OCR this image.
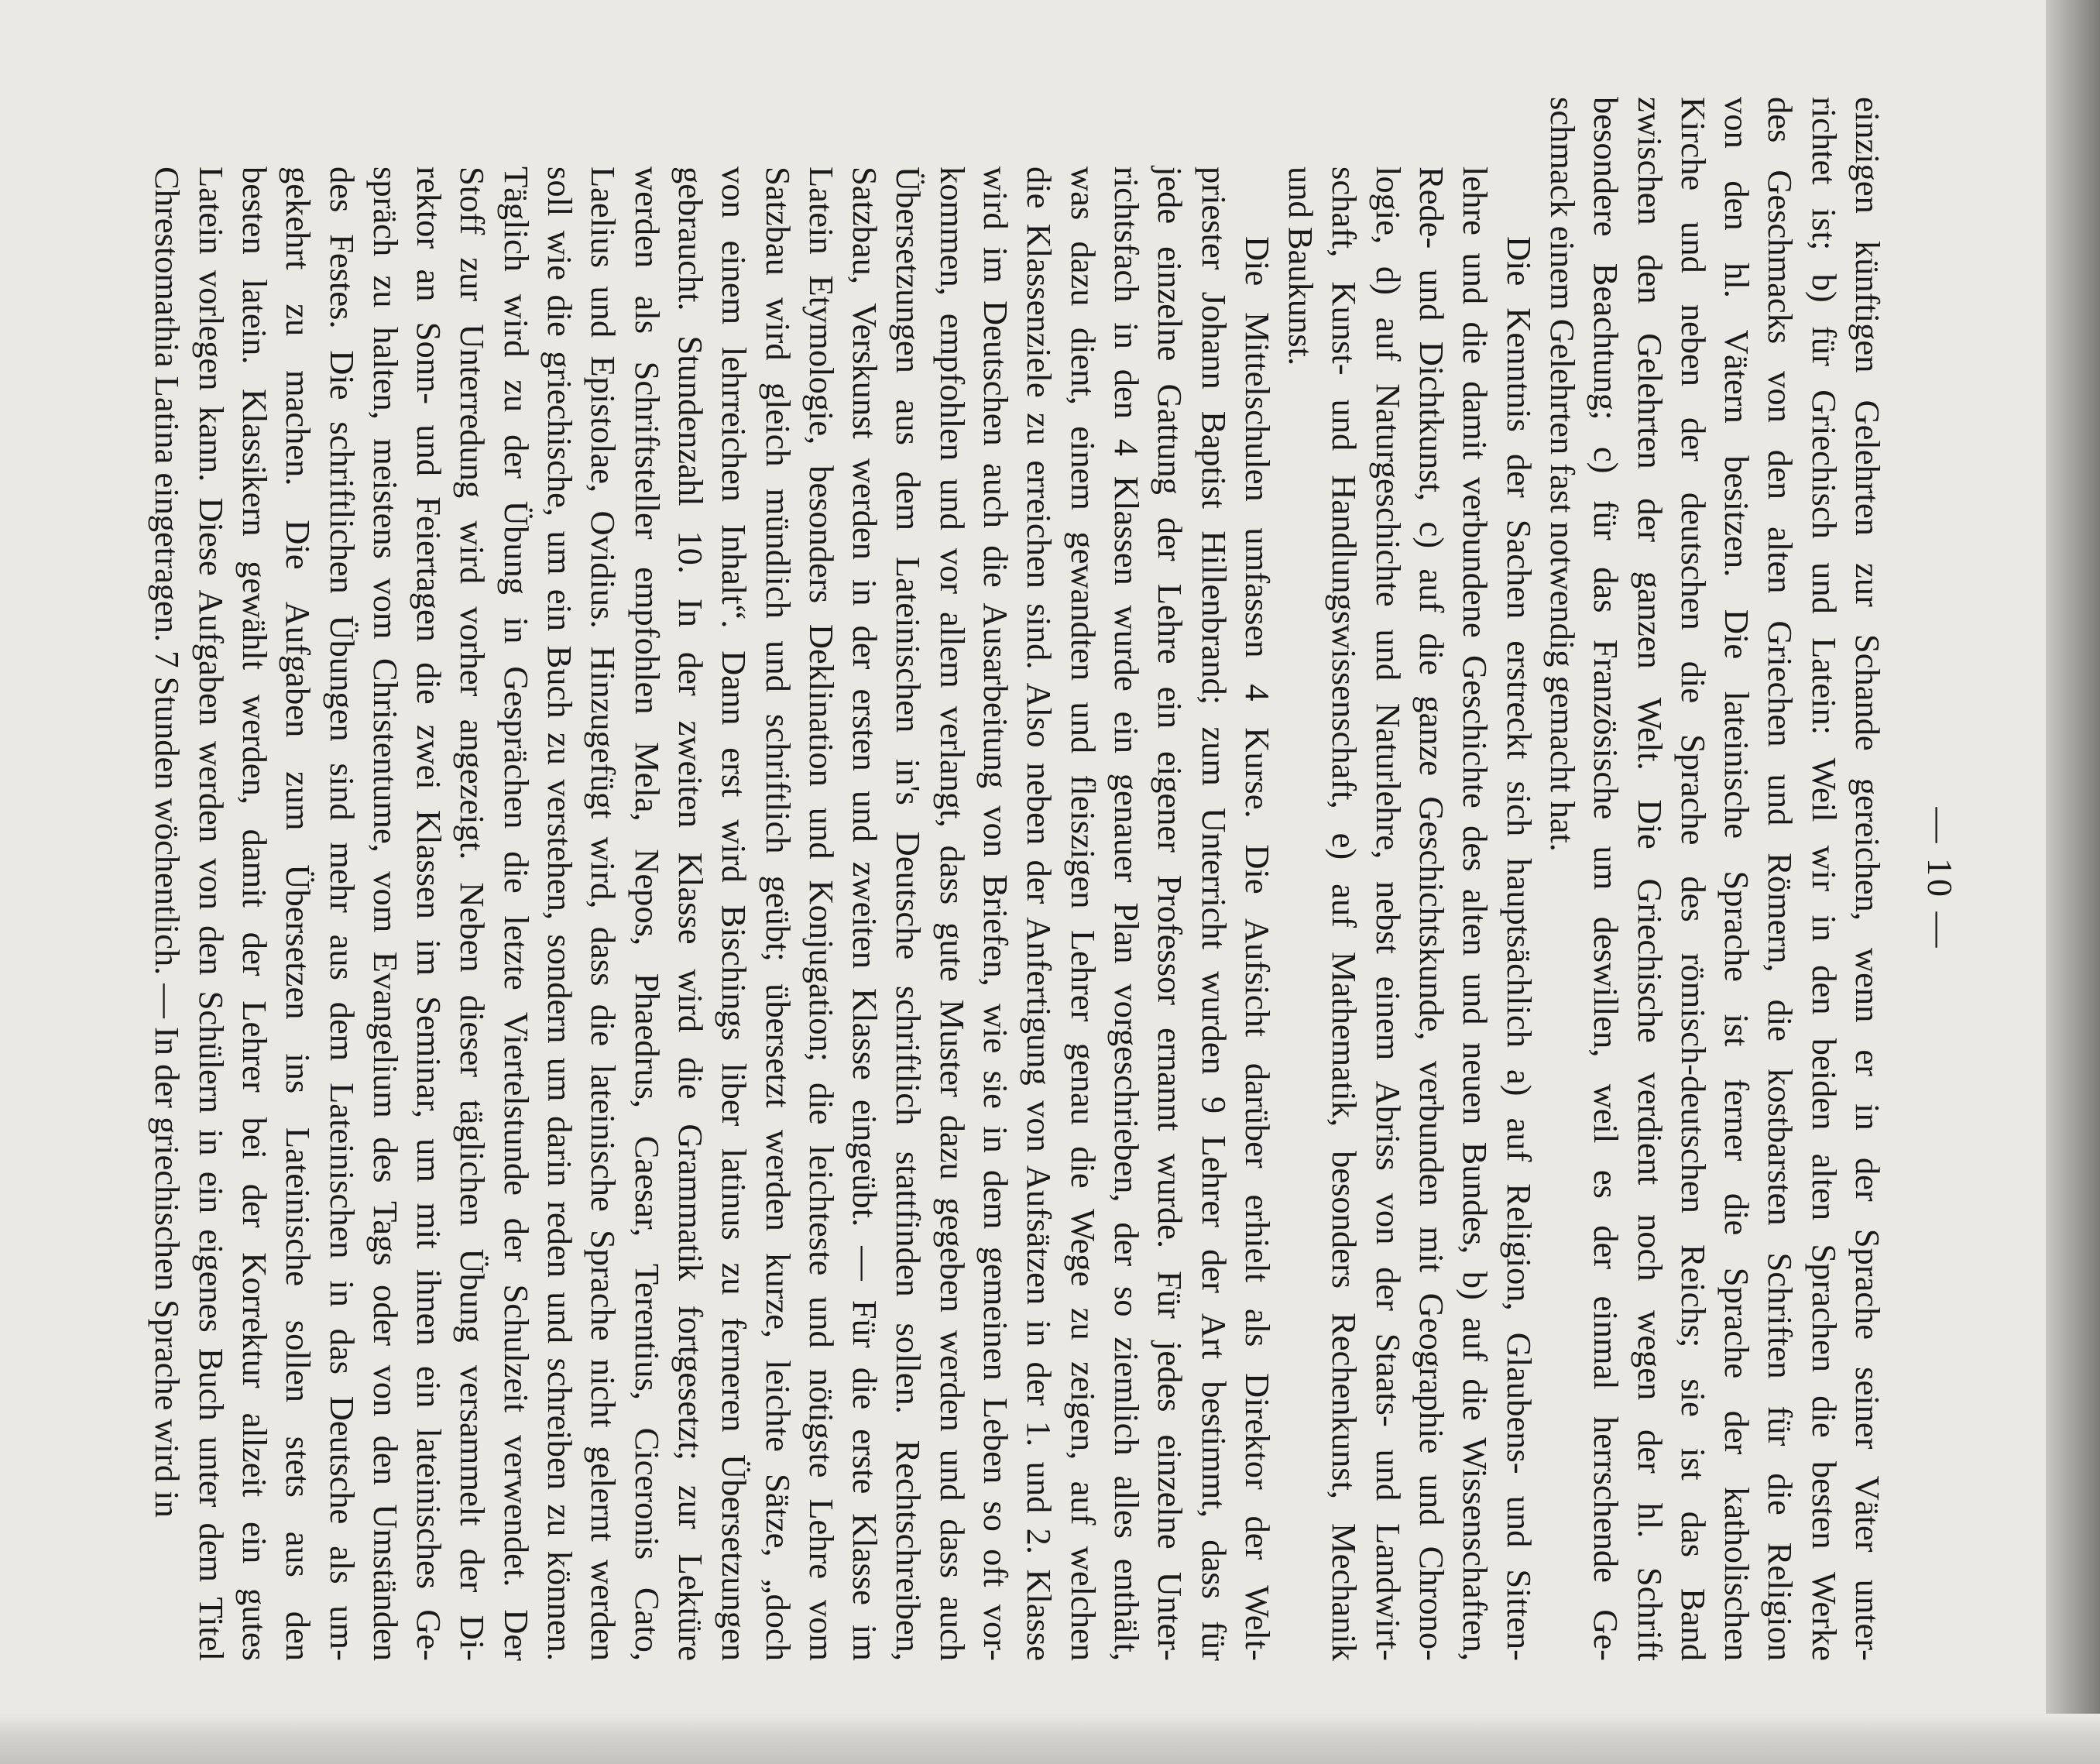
— 10 —
einzigen künftigen Gelehrten zur Schande gereichen, wenn er in der Sprache seiner Väter unter-
richtet ist; b) für Griechisch und Latein: Weil wir in den beiden alten Sprachen die besten Werke
des Geschmacks von den alten Griechen und Römern, die kostbarsten Schriften für die Religion
von den hl. Vätern besitzen. Die lateinische Sprache ist ferner die Sprache der katholischen
Kirche und neben der deutschen die Sprache des römisch-deutschen Reichs; sie ist das Band
zwischen den Gelehrten der ganzen Welt. Die Griechische verdient noch wegen der hl. Schrift
besondere Beachtung; c) für das Französische um deswillen, weil es der einmal herrschende Ge-
schmack einem Gelehrten fast notwendig gemacht hat.
Die Kenntnis der Sachen erstreckt sich hauptsächlich a) auf Religion, Glaubens- und Sitten-
lehre und die damit verbundene Geschichte des alten und neuen Bundes, b) auf die Wissenschaften,
Rede- und Dichtkunst, c) auf die ganze Geschichtskunde, verbunden mit Geographie und Chrono-
logie, d) auf Naturgeschichte und Naturlehre, nebst einem Abriss von der Staats- und Landwirt-
schaft, Kunst- und Handlungswissenschaft, e) auf Mathematik, besonders Rechenkunst, Mechanik
und Baukunst.
Die Mittelschulen umfassen 4 Kurse. Die Aufsicht darüber erhielt als Direktor der Welt-
priester Johann Baptist Hillenbrand; zum Unterricht wurden 9 Lehrer der Art bestimmt, dass für
jede einzelne Gattung der Lehre ein eigener Professor ernannt wurde. Für jedes einzelne Unter-
richtsfach in den 4 Klassen wurde ein genauer Plan vorgeschrieben, der so ziemlich alles enthält,
was dazu dient, einem gewandten und fleiszigen Lehrer genau die Wege zu zeigen, auf welchen
die Klassenziele zu erreichen sind. Also neben der Anfertigung von Aufsätzen in der 1. und 2. Klasse
wird im Deutschen auch die Ausarbeitung von Briefen, wie sie in dem gemeinen Leben so oft vor-
kommen, empfohlen und vor allem verlangt, dass gute Muster dazu gegeben werden und dass auch
Übersetzungen aus dem Lateinischen in's Deutsche schriftlich stattfinden sollen. Rechtschreiben,
Satzbau, Verskunst werden in der ersten und zweiten Klasse eingeübt. — Für die erste Klasse im
Latein Etymologie, besonders Deklination und Konjugation; die leichteste und nötigste Lehre vom
Satzbau wird gleich mündlich und schriftlich geübt; übersetzt werden kurze, leichte Sätze, „doch
von einem lehrreichen Inhalt“. Dann erst wird Bischings liber latinus zu ferneren Übersetzungen
gebraucht. Stundenzahl 10. In der zweiten Klasse wird die Grammatik fortgesetzt; zur Lektüre
werden als Schriftsteller empfohlen Mela, Nepos, Phaedrus, Caesar, Terentius, Ciceronis Cato,
Laelius und Epistolae, Ovidius. Hinzugefügt wird, dass die lateinische Sprache nicht gelernt werden
soll wie die griechische, um ein Buch zu verstehen, sondern um darin reden und schreiben zu können.
Täglich wird zu der Übung in Gesprächen die letzte Viertelstunde der Schulzeit verwendet. Der
Stoff zur Unterredung wird vorher angezeigt. Neben dieser täglichen Übung versammelt der Di-
rektor an Sonn- und Feiertagen die zwei Klassen im Seminar, um mit ihnen ein lateinisches Ge-
spräch zu halten, meistens vom Christentume, vom Evangelium des Tags oder von den Umständen
des Festes. Die schriftlichen Übungen sind mehr aus dem Lateinischen in das Deutsche als um-
gekehrt zu machen. Die Aufgaben zum Übersetzen ins Lateinische sollen stets aus den
besten latein. Klassikern gewählt werden, damit der Lehrer bei der Korrektur allzeit ein gutes
Latein vorlegen kann. Diese Aufgaben werden von den Schülern in ein eigenes Buch unter dem Titel
Chrestomathia Latina eingetragen. 7 Stunden wöchentlich. — In der griechischen Sprache wird in
